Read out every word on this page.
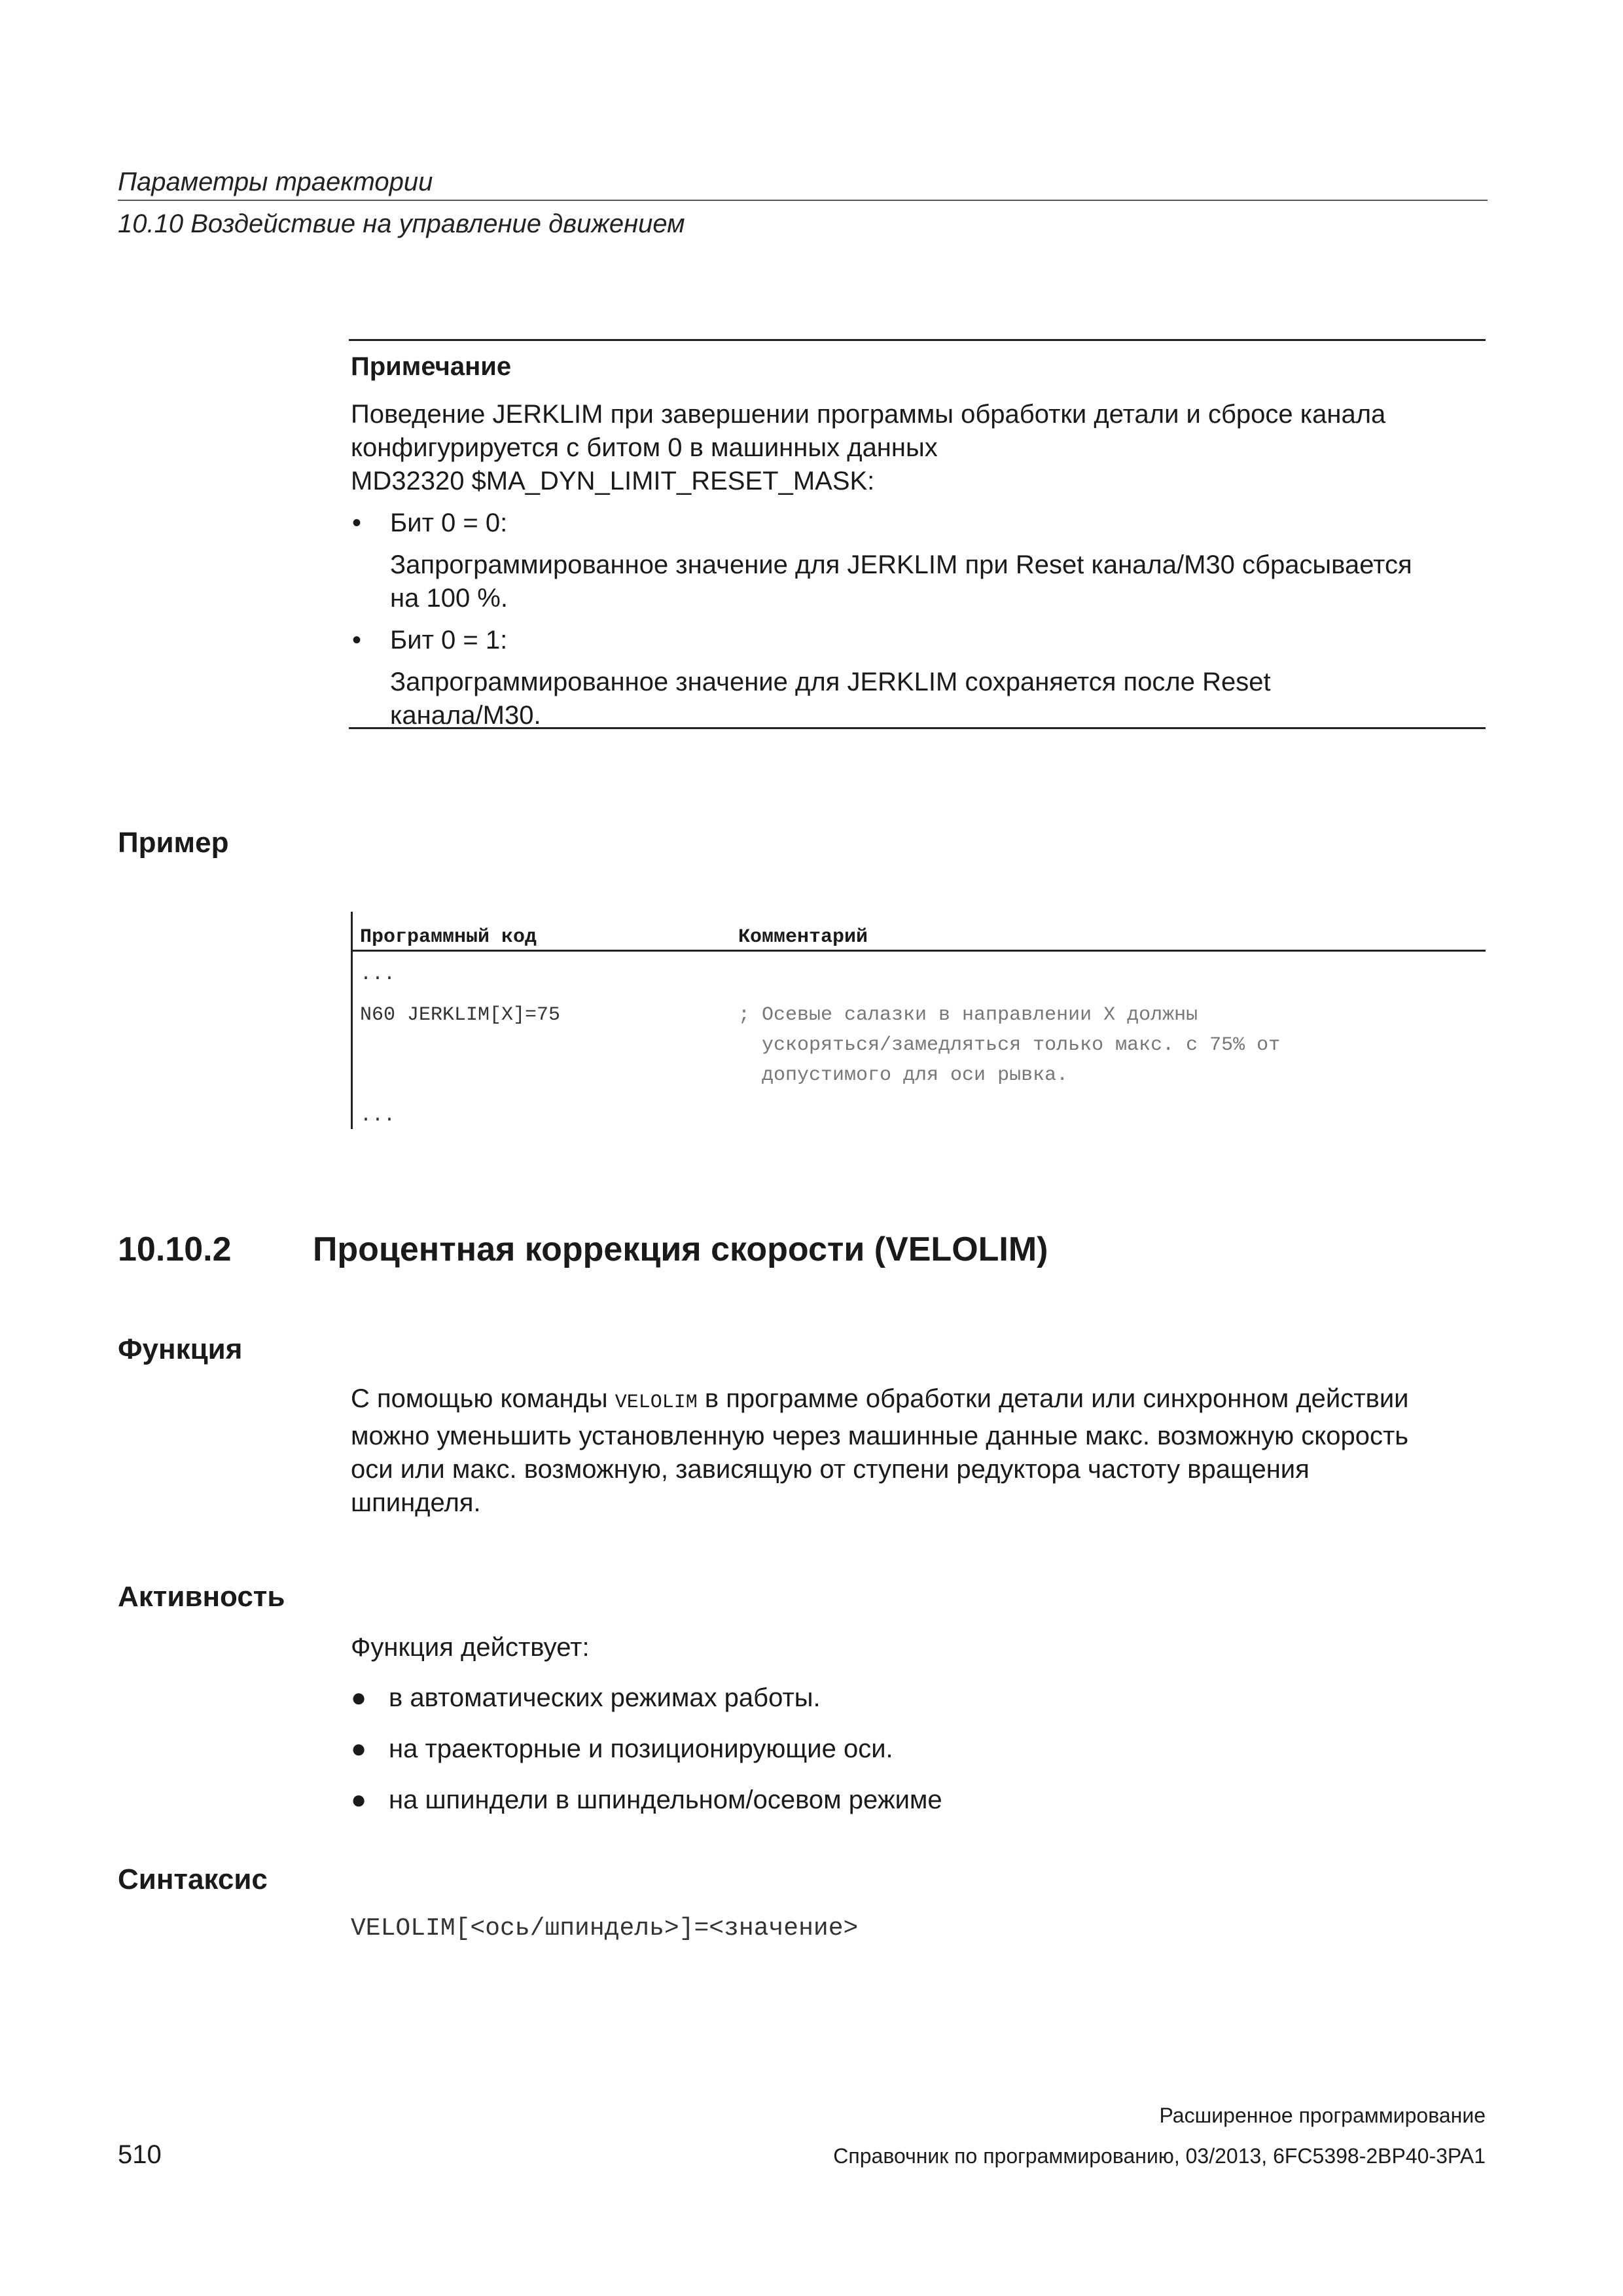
Параметры траектории
10.10 Воздействие на управление движением
Примечание

Поведение JERKLIM при завершении программы обработки детали и сбросе канала

конфигурируется с битом 0 в машинных данных

MD32320 $MA_DYN_LIMIT_RESET_MASK:

• Бит 0 = 0:

Запрограммированное значение для JERKLIM при Reset канала/M30 сбрасывается

на 100 %.

• Бит 0 = 1:

Запрограммированное значение для JERKLIM сохраняется после Reset

канала/M30.

Пример
Программный код	Комментарий
...
N60 JERKLIM[X]=75	; Осевые салазки в направлении X должны
ускоряться/замедляться только макс. с 75% от
допустимого для оси рывка.
...
10.10.2 Процентная коррекция скорости (VELOLIM)
Функция
С помощью команды VELOLIM в программе обработки детали или синхронном действии
можно уменьшить установленную через машинные данные макс. возможную скорость
оси или макс. возможную, зависящую от ступени редуктора частоту вращения
шпинделя.
Активность
Функция действует:
● в автоматических режимах работы.
● на траекторные и позиционирующие оси.
● на шпиндели в шпиндельном/осевом режиме
Синтаксис
VELOLIM[<ось/шпиндель>]=<значение>
Расширенное программирование
Справочник по программированию, 03/2013, 6FC5398-2BP40-3PA1
510
